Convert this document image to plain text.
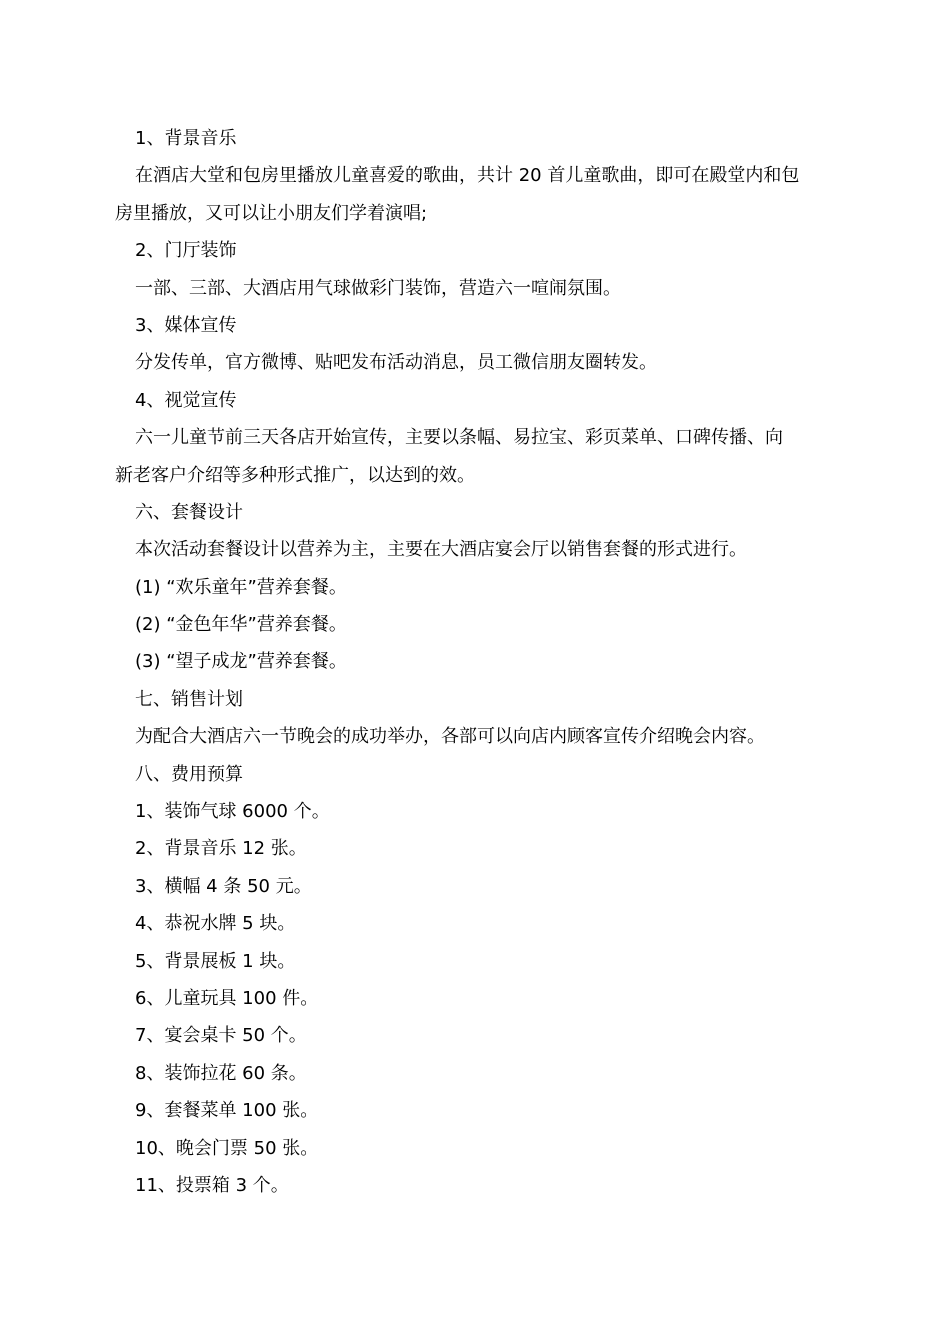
1、背景音乐

在酒店大堂和包房里播放儿童喜爱的歌曲，共计 20 首儿童歌曲，即可在殿堂内和包

房里播放，又可以让小朋友们学着演唱;

2、门厅装饰

一部、三部、大酒店用气球做彩门装饰，营造六一喧闹氛围。

3、媒体宣传

分发传单，官方微博、贴吧发布活动消息，员工微信朋友圈转发。

4、视觉宣传

六一儿童节前三天各店开始宣传，主要以条幅、易拉宝、彩页菜单、口碑传播、向

新老客户介绍等多种形式推广，以达到的效。

六、套餐设计

本次活动套餐设计以营养为主，主要在大酒店宴会厅以销售套餐的形式进行。

(1) “欢乐童年”营养套餐。

(2) “金色年华”营养套餐。

(3) “望子成龙”营养套餐。

七、销售计划

为配合大酒店六一节晚会的成功举办，各部可以向店内顾客宣传介绍晚会内容。

八、费用预算

1、装饰气球 6000 个。

2、背景音乐 12 张。

3、横幅 4 条 50 元。

4、恭祝水牌 5 块。

5、背景展板 1 块。

6、儿童玩具 100 件。

7、宴会桌卡 50 个。

8、装饰拉花 60 条。

9、套餐菜单 100 张。

10、晚会门票 50 张。

11、投票箱 3 个。
